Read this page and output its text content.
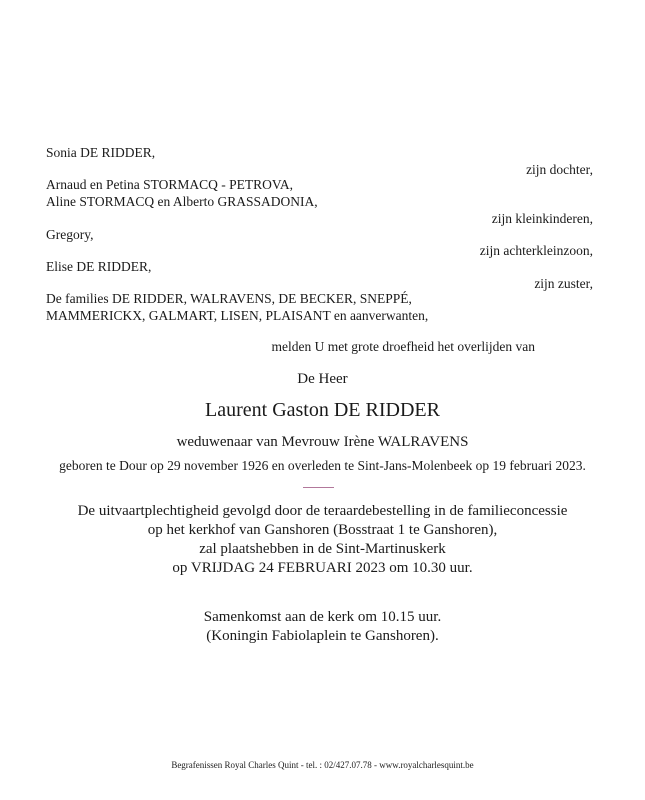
Sonia DE RIDDER,
zijn dochter,
Arnaud en Petina STORMACQ - PETROVA,
Aline STORMACQ en Alberto GRASSADONIA,
zijn kleinkinderen,
Gregory,
zijn achterkleinzoon,
Elise DE RIDDER,
zijn zuster,
De families DE RIDDER, WALRAVENS, DE BECKER, SNEPPÉ,
MAMMERICKX, GALMART, LISEN, PLAISANT en aanverwanten,
melden U met grote droefheid het overlijden van
De Heer
Laurent Gaston DE RIDDER
weduwenaar van Mevrouw Irène WALRAVENS
geboren te Dour op 29 november 1926 en overleden te Sint-Jans-Molenbeek op 19 februari 2023.
De uitvaartplechtigheid gevolgd door de teraardebestelling in de familieconcessie
op het kerkhof van Ganshoren (Bosstraat 1 te Ganshoren),
zal plaatshebben in de Sint-Martinuskerk
op VRIJDAG 24 FEBRUARI 2023 om 10.30 uur.
Samenkomst aan de kerk om 10.15 uur.
(Koningin Fabiolaplein te Ganshoren).
Begrafenissen Royal Charles Quint - tel. : 02/427.07.78 - www.royalcharlesquint.be
